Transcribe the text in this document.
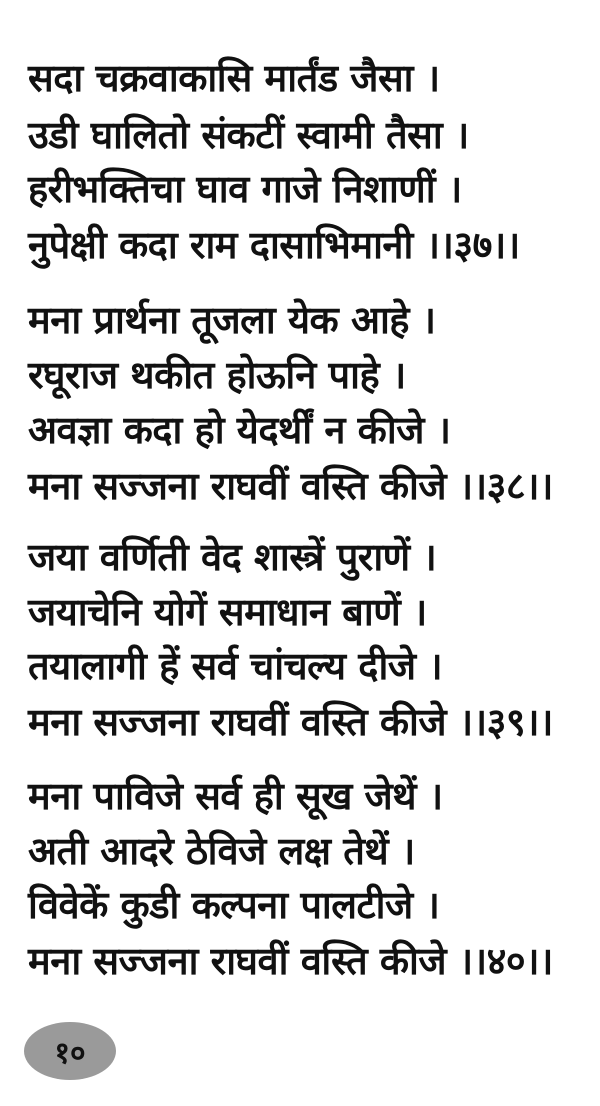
सदा चक्रवाकासि मार्तंड जैसा ।
उडी घालितो संकटीं स्वामी तैसा ।
हरीभक्तिचा घाव गाजे निशाणीं ।
नुपेक्षी कदा राम दासाभिमानी ।।३७।।
मना प्रार्थना तूजला येक आहे ।
रघूराज थकीत होऊनि पाहे ।
अवज्ञा कदा हो येदर्थीं न कीजे ।
मना सज्जना राघवीं वस्ति कीजे ।।३८।।
जया वर्णिती वेद शास्त्रें पुराणें ।
जयाचेनि योगें समाधान बाणें ।
तयालागी हें सर्व चांचल्य दीजे ।
मना सज्जना राघवीं वस्ति कीजे ।।३९।।
मना पाविजे सर्व ही सूख जेथें ।
अती आदरे ठेविजे लक्ष तेथें ।
विवेकें कुडी कल्पना पालटीजे ।
मना सज्जना राघवीं वस्ति कीजे ।।४०।।
१०
